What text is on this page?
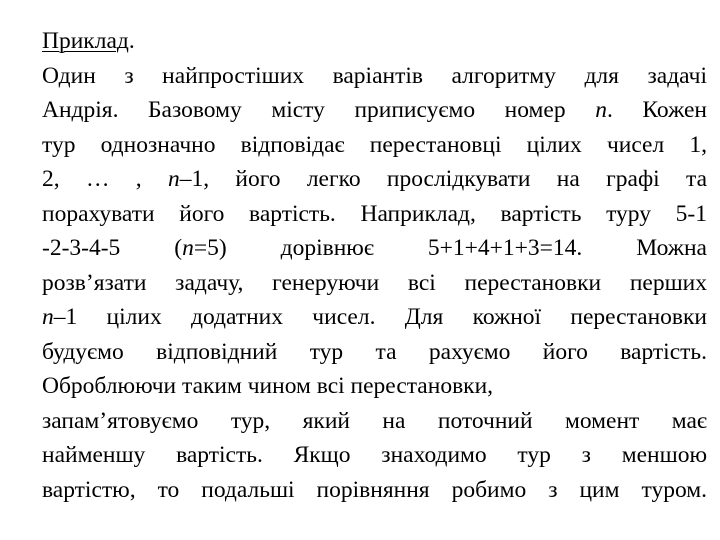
Приклад.
Один з найпростіших варіантів алгоритму для задачі
Андрія. Базовому місту приписуємо номер n. Кожен
тур однозначно відповідає перестановці цілих чисел 1,
2, … , n–1, його легко прослідкувати на графі та
порахувати його вартість. Наприклад, вартість туру 5-1
-2-3-4-5 (n=5) дорівнює 5+1+4+1+3=14. Можна
розв’язати задачу, генеруючи всі перестановки перших
n–1 цілих додатних чисел. Для кожної перестановки
будуємо відповідний тур та рахуємо його вартість.
Оброблюючи таким чином всі перестановки,
запам’ятовуємо тур, який на поточний момент має
найменшу вартість. Якщо знаходимо тур з меншою
вартістю, то подальші порівняння робимо з цим туром.
